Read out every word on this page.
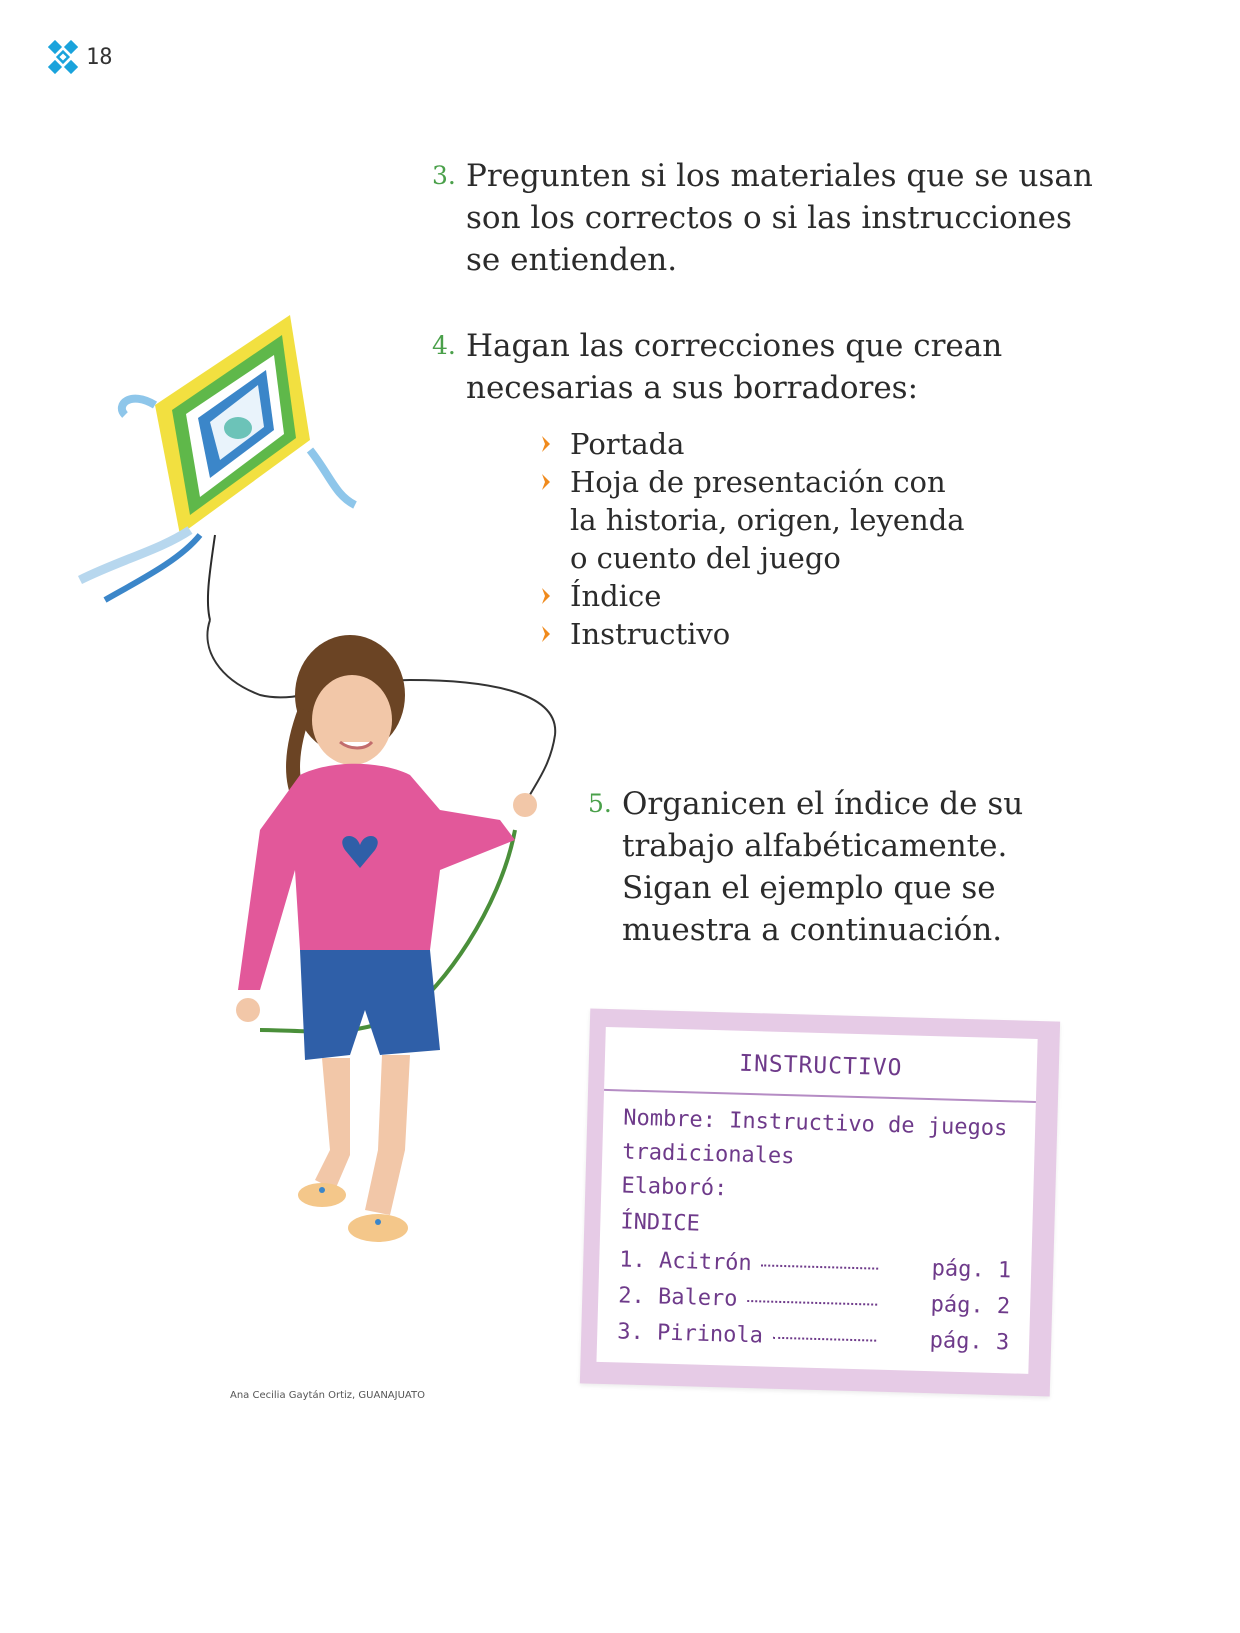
18
3. Pregunten si los materiales que se usan
son los correctos o si las instrucciones
se entienden.
4. Hagan las correcciones que crean
necesarias a sus borradores:
Portada
Hoja de presentación con
la historia, origen, leyenda
o cuento del juego
Índice
Instructivo
5. Organicen el índice de su
trabajo alfabéticamente.
Sigan el ejemplo que se
muestra a continuación.
Ana Cecilia Gaytán Ortiz, GUANAJUATO
INSTRUCTIVO
Nombre: Instructivo de juegos
tradicionales
Elaboró:
ÍNDICE
1. Acitrón	pág. 1
2. Balero	pág. 2
3. Pirinola	pág. 3
